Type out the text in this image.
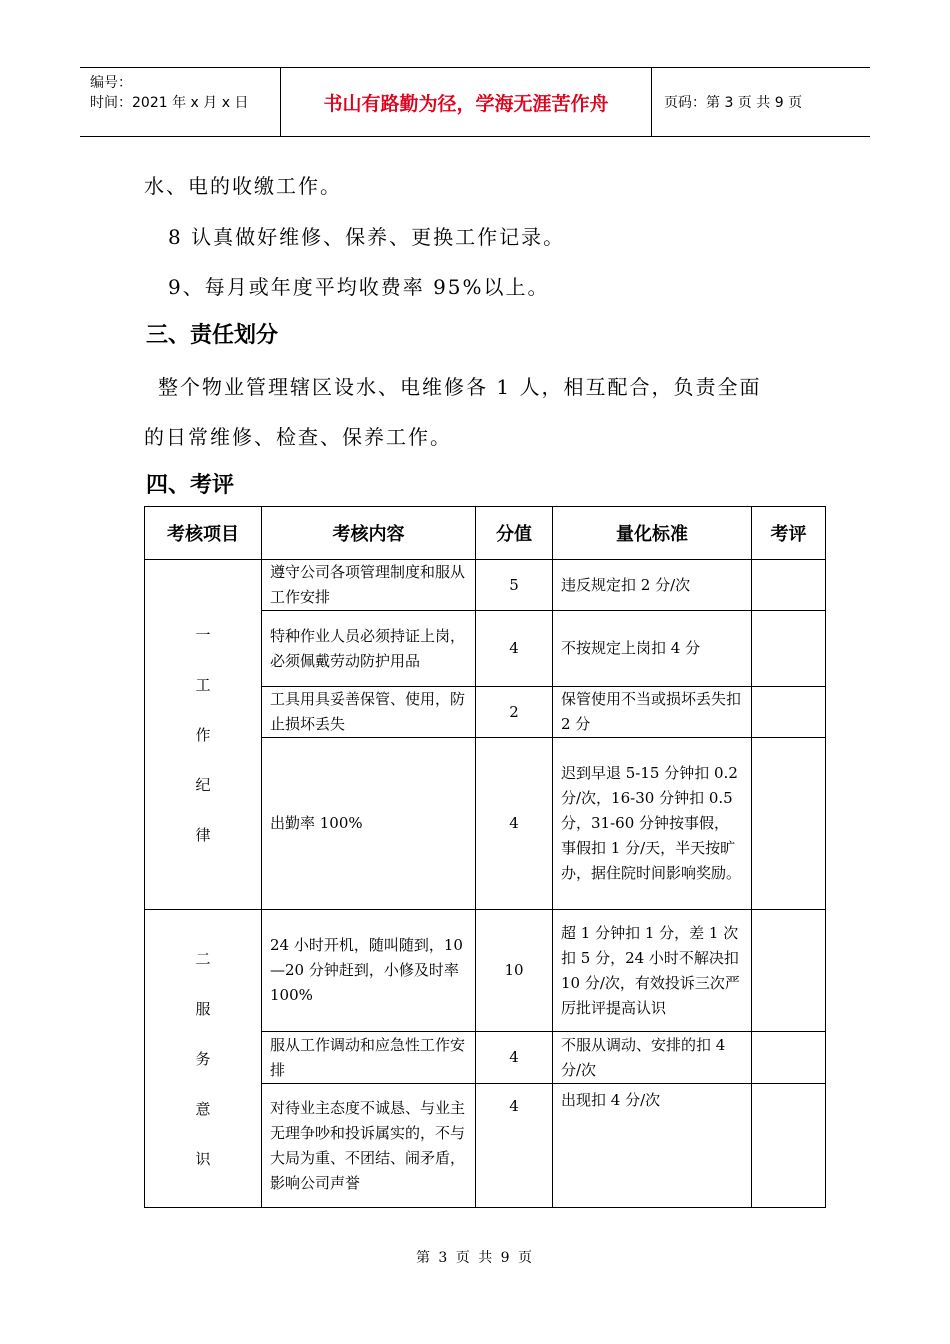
编号：
时间：2021 年 x 月 x 日	书山有路勤为径，学海无涯苦作舟	页码：第 3 页 共 9 页
水、电的收缴工作。
8 认真做好维修、保养、更换工作记录。
9、每月或年度平均收费率 95%以上。
三、责任划分
整个物业管理辖区设水、电维修各 1 人，相互配合，负责全面
的日常维修、检查、保养工作。
四、考评
考核项目	考核内容	分值	量化标准	考评

一
工
作
纪
律	遵守公司各项管理制度和服从工作安排	5	违反规定扣 2 分/次	
	特种作业人员必须持证上岗，必须佩戴劳动防护用品	4	不按规定上岗扣 4 分	
	工具用具妥善保管、使用，防止损坏丢失	2	保管使用不当或损坏丢失扣 2 分	
	出勤率 100%	4	迟到早退 5-15 分钟扣 0.2 分/次，16-30 分钟扣 0.5 分，31-60 分钟按事假，事假扣 1 分/天，半天按旷办，据住院时间影响奖励。	

二
服
务
意
识	24 小时开机，随叫随到，10—20 分钟赶到，小修及时率 100%	10	超 1 分钟扣 1 分，差 1 次扣 5 分，24 小时不解决扣 10 分/次，有效投诉三次严厉批评提高认识	
	服从工作调动和应急性工作安排	4	不服从调动、安排的扣 4 分/次	
	对待业主态度不诚恳、与业主无理争吵和投诉属实的，不与大局为重、不团结、闹矛盾，影响公司声誉	4	出现扣 4 分/次	
第 3 页 共 9 页
